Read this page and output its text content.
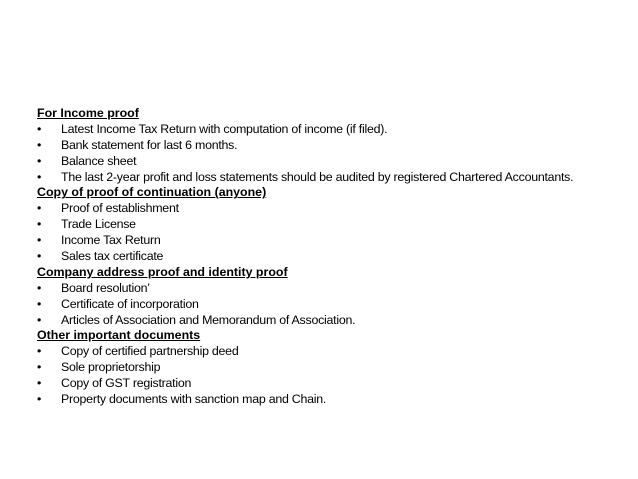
For Income proof
•	Latest Income Tax Return with computation of income (if filed).
•	Bank statement for last 6 months.
•	Balance sheet
•	The last 2-year profit and loss statements should be audited by registered Chartered Accountants.
Copy of proof of continuation (anyone)
•	Proof of establishment
•	Trade License
•	Income Tax Return
•	Sales tax certificate
Company address proof and identity proof
•	Board resolution’
•	Certificate of incorporation
•	Articles of Association and Memorandum of Association.
Other important documents
•	Copy of certified partnership deed
•	Sole proprietorship
•	Copy of GST registration
•	Property documents with sanction map and Chain.
